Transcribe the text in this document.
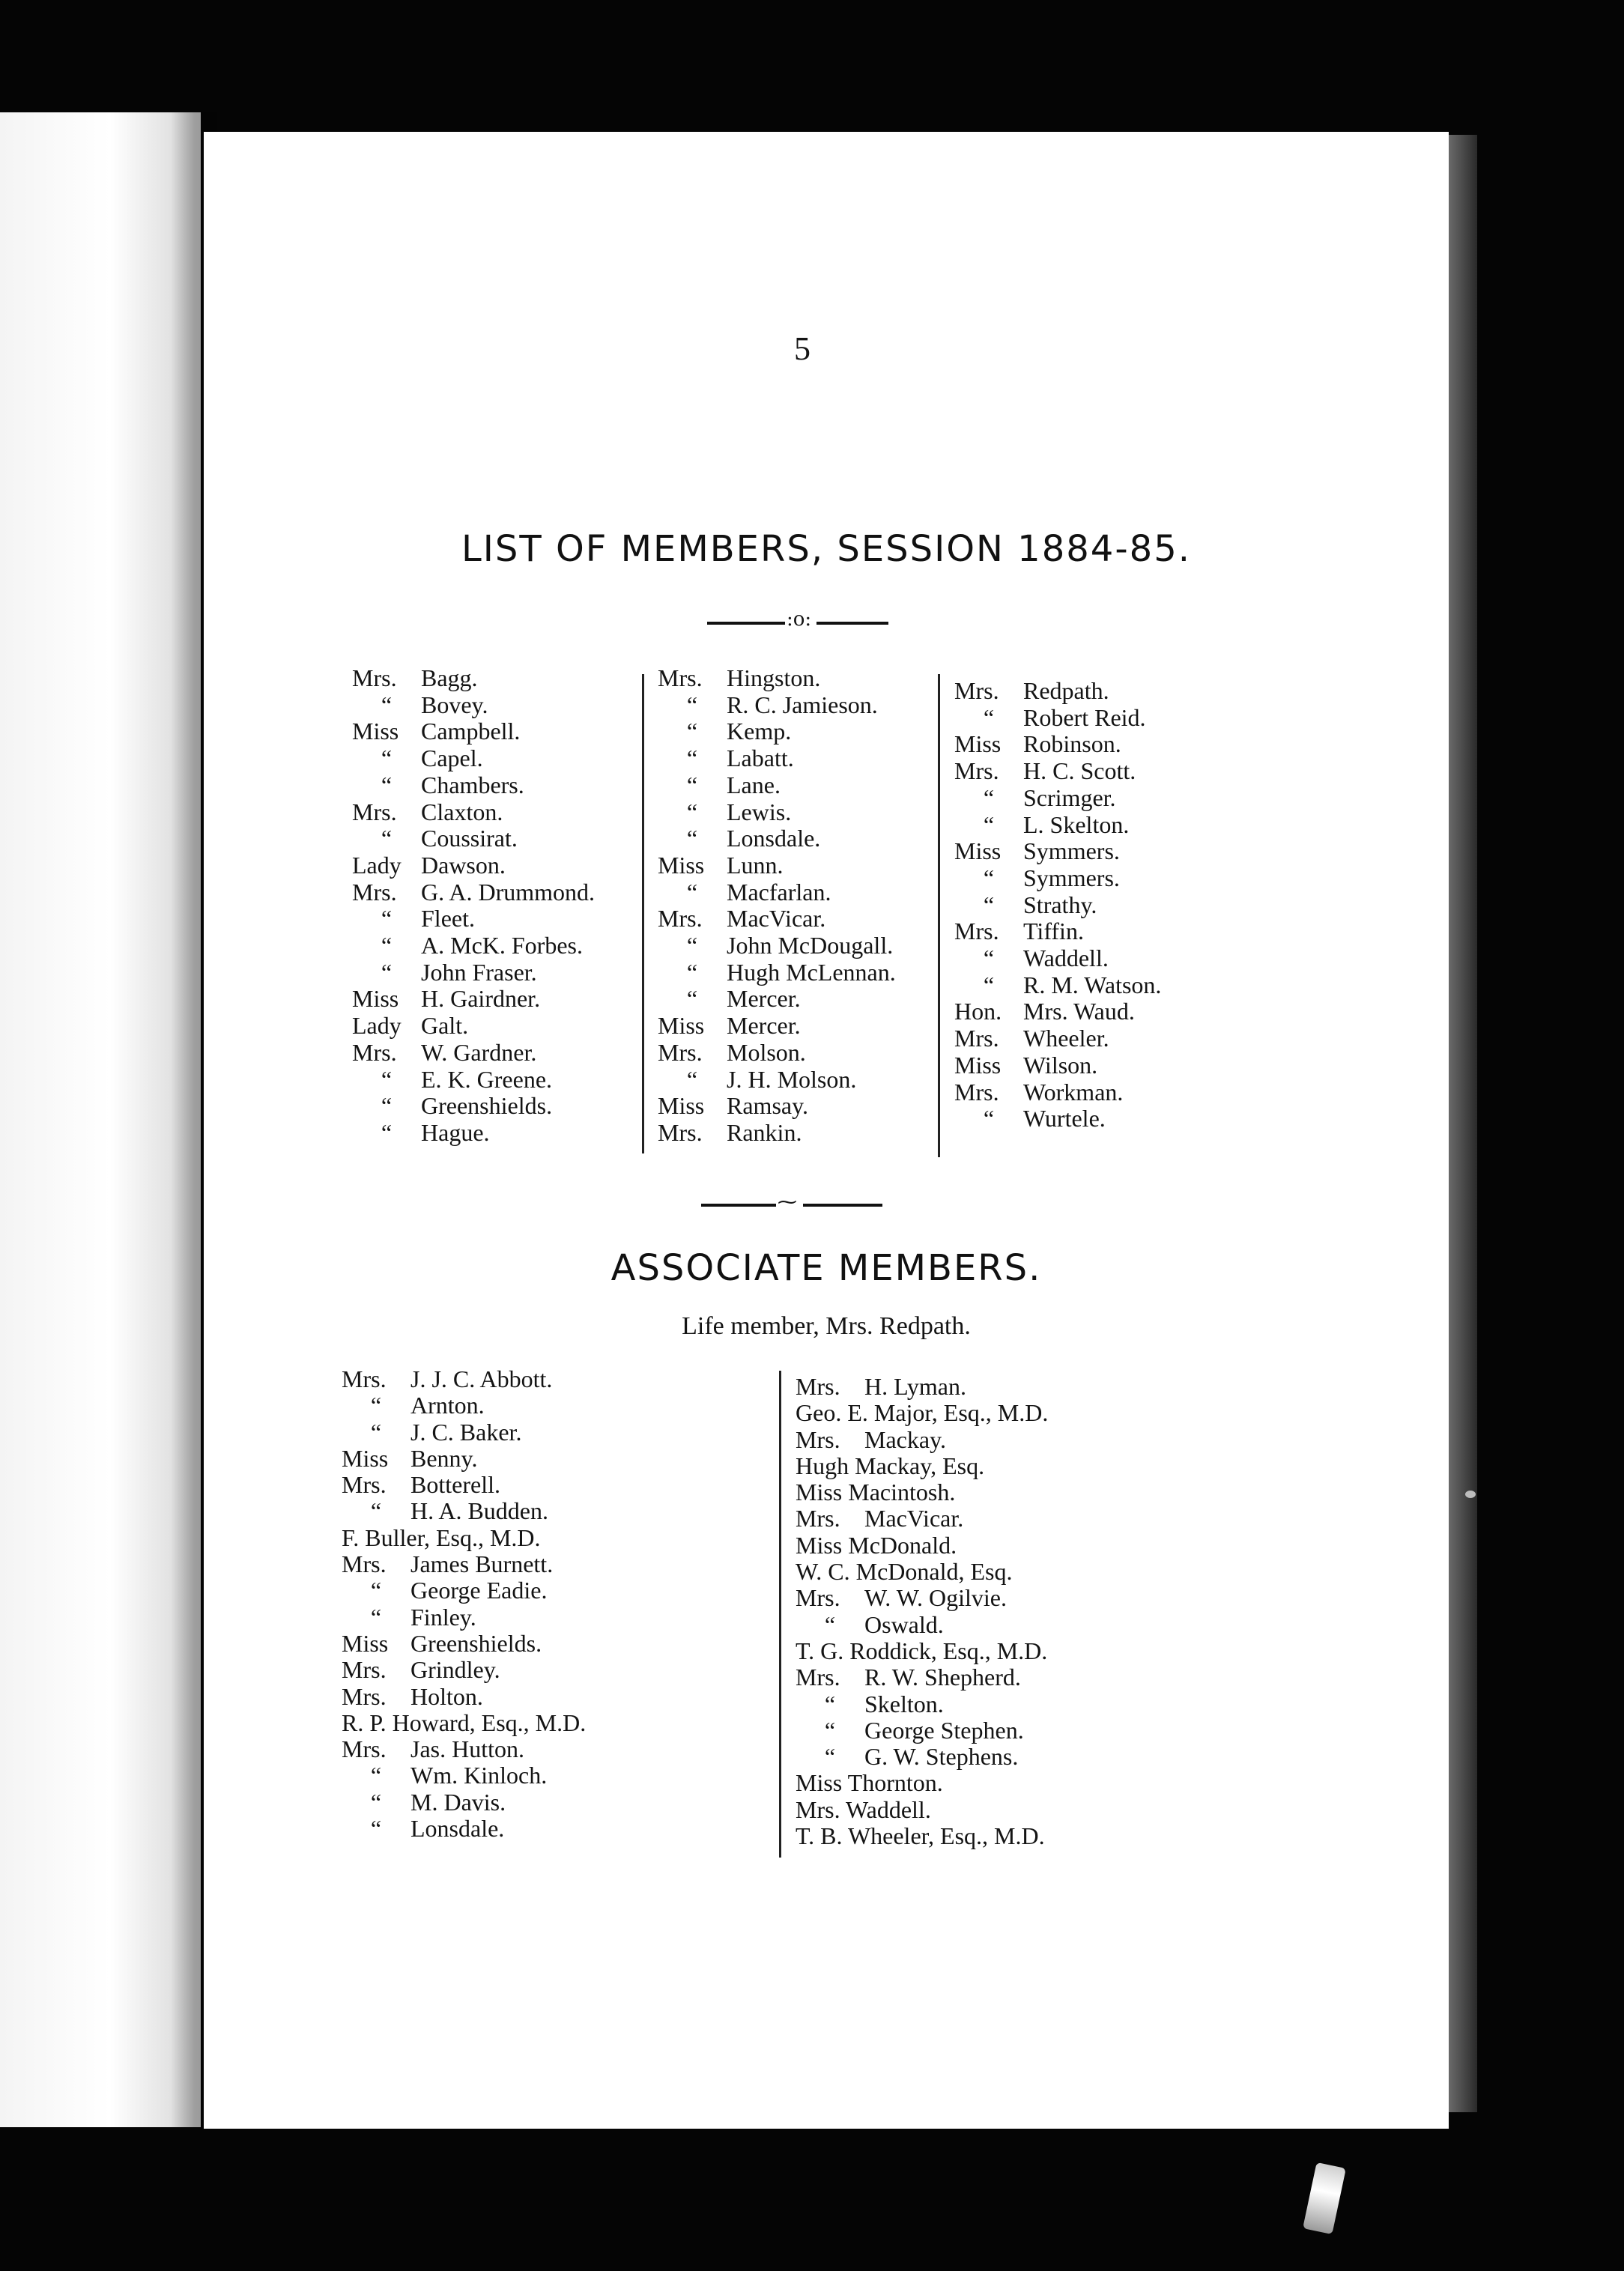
5
LIST OF MEMBERS, SESSION 1884-85.
:o:
Mrs. Bagg.
“ Bovey.
Miss Campbell.
“ Capel.
“ Chambers.
Mrs. Claxton.
“ Coussirat.
Lady Dawson.
Mrs. G. A. Drummond.
“ Fleet.
“ A. McK. Forbes.
“ John Fraser.
Miss H. Gairdner.
Lady Galt.
Mrs. W. Gardner.
“ E. K. Greene.
“ Greenshields.
“ Hague.
Mrs. Hingston.
“ R. C. Jamieson.
“ Kemp.
“ Labatt.
“ Lane.
“ Lewis.
“ Lonsdale.
Miss Lunn.
“ Macfarlan.
Mrs. MacVicar.
“ John McDougall.
“ Hugh McLennan.
“ Mercer.
Miss Mercer.
Mrs. Molson.
“ J. H. Molson.
Miss Ramsay.
Mrs. Rankin.
Mrs. Redpath.
“ Robert Reid.
Miss Robinson.
Mrs. H. C. Scott.
“ Scrimger.
“ L. Skelton.
Miss Symmers.
“ Symmers.
“ Strathy.
Mrs. Tiffin.
“ Waddell.
“ R. M. Watson.
Hon. Mrs. Waud.
Mrs. Wheeler.
Miss Wilson.
Mrs. Workman.
“ Wurtele.
⁓
ASSOCIATE MEMBERS.
Life member, Mrs. Redpath.
Mrs. J. J. C. Abbott.
“ Arnton.
“ J. C. Baker.
Miss Benny.
Mrs. Botterell.
“ H. A. Budden.
F. Buller, Esq., M.D.
Mrs. James Burnett.
“ George Eadie.
“ Finley.
Miss Greenshields.
Mrs. Grindley.
Mrs. Holton.
R. P. Howard, Esq., M.D.
Mrs. Jas. Hutton.
“ Wm. Kinloch.
“ M. Davis.
“ Lonsdale.
Mrs. H. Lyman.
Geo. E. Major, Esq., M.D.
Mrs. Mackay.
Hugh Mackay, Esq.
Miss Macintosh.
Mrs. MacVicar.
Miss McDonald.
W. C. McDonald, Esq.
Mrs. W. W. Ogilvie.
“ Oswald.
T. G. Roddick, Esq., M.D.
Mrs. R. W. Shepherd.
“ Skelton.
“ George Stephen.
“ G. W. Stephens.
Miss Thornton.
Mrs. Waddell.
T. B. Wheeler, Esq., M.D.
